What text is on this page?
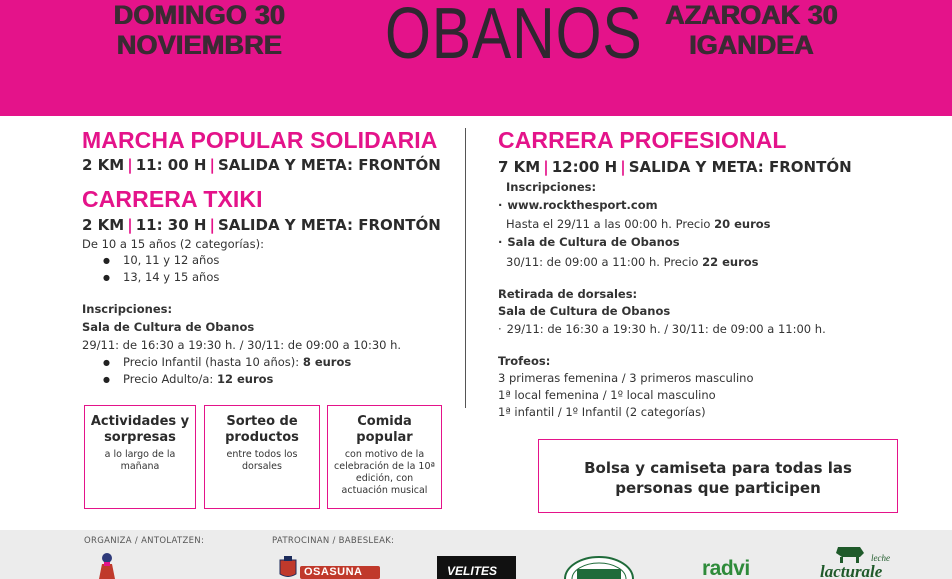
DOMINGO 30
NOVIEMBRE	OBANOS AZAROAK 30
IGANDEA
MARCHA POPULAR SOLIDARIA
2 KM | 11: 00 H | SALIDA Y META: FRONTÓN
CARRERA TXIKI
2 KM | 11: 30 H | SALIDA Y META: FRONTÓN
De 10 a 15 años (2 categorías):
● 10, 11 y 12 años
● 13, 14 y 15 años
Inscripciones:
Sala de Cultura de Obanos
29/11: de 16:30 a 19:30 h. / 30/11: de 09:00 a 10:30 h.
● Precio Infantil (hasta 10 años): 8 euros
● Precio Adulto/a: 12 euros
Actividades y
sorpresas
a lo largo de la
mañana
Sorteo de
productos
entre todos los
dorsales
Comida
popular
con motivo de la
celebración de la 10ª
edición, con
actuación musical
CARRERA PROFESIONAL
7 KM | 12:00 H | SALIDA Y META: FRONTÓN
Inscripciones:
· www.rockthesport.com
Hasta el 29/11 a las 00:00 h. Precio 20 euros
· Sala de Cultura de Obanos
30/11: de 09:00 a 11:00 h. Precio 22 euros
Retirada de dorsales:
Sala de Cultura de Obanos
· 29/11: de 16:30 a 19:30 h. / 30/11: de 09:00 a 11:00 h.
Trofeos:
3 primeras femenina / 3 primeros masculino
1ª local femenina / 1º local masculino
1ª infantil / 1º Infantil (2 categorías)
Bolsa y camiseta para todas las
personas que participen
ORGANIZA / ANTOLATZEN:	PATROCINAN / BABESLEAK:
OSASUNA	VELITES	radvi	leche
lacturale
